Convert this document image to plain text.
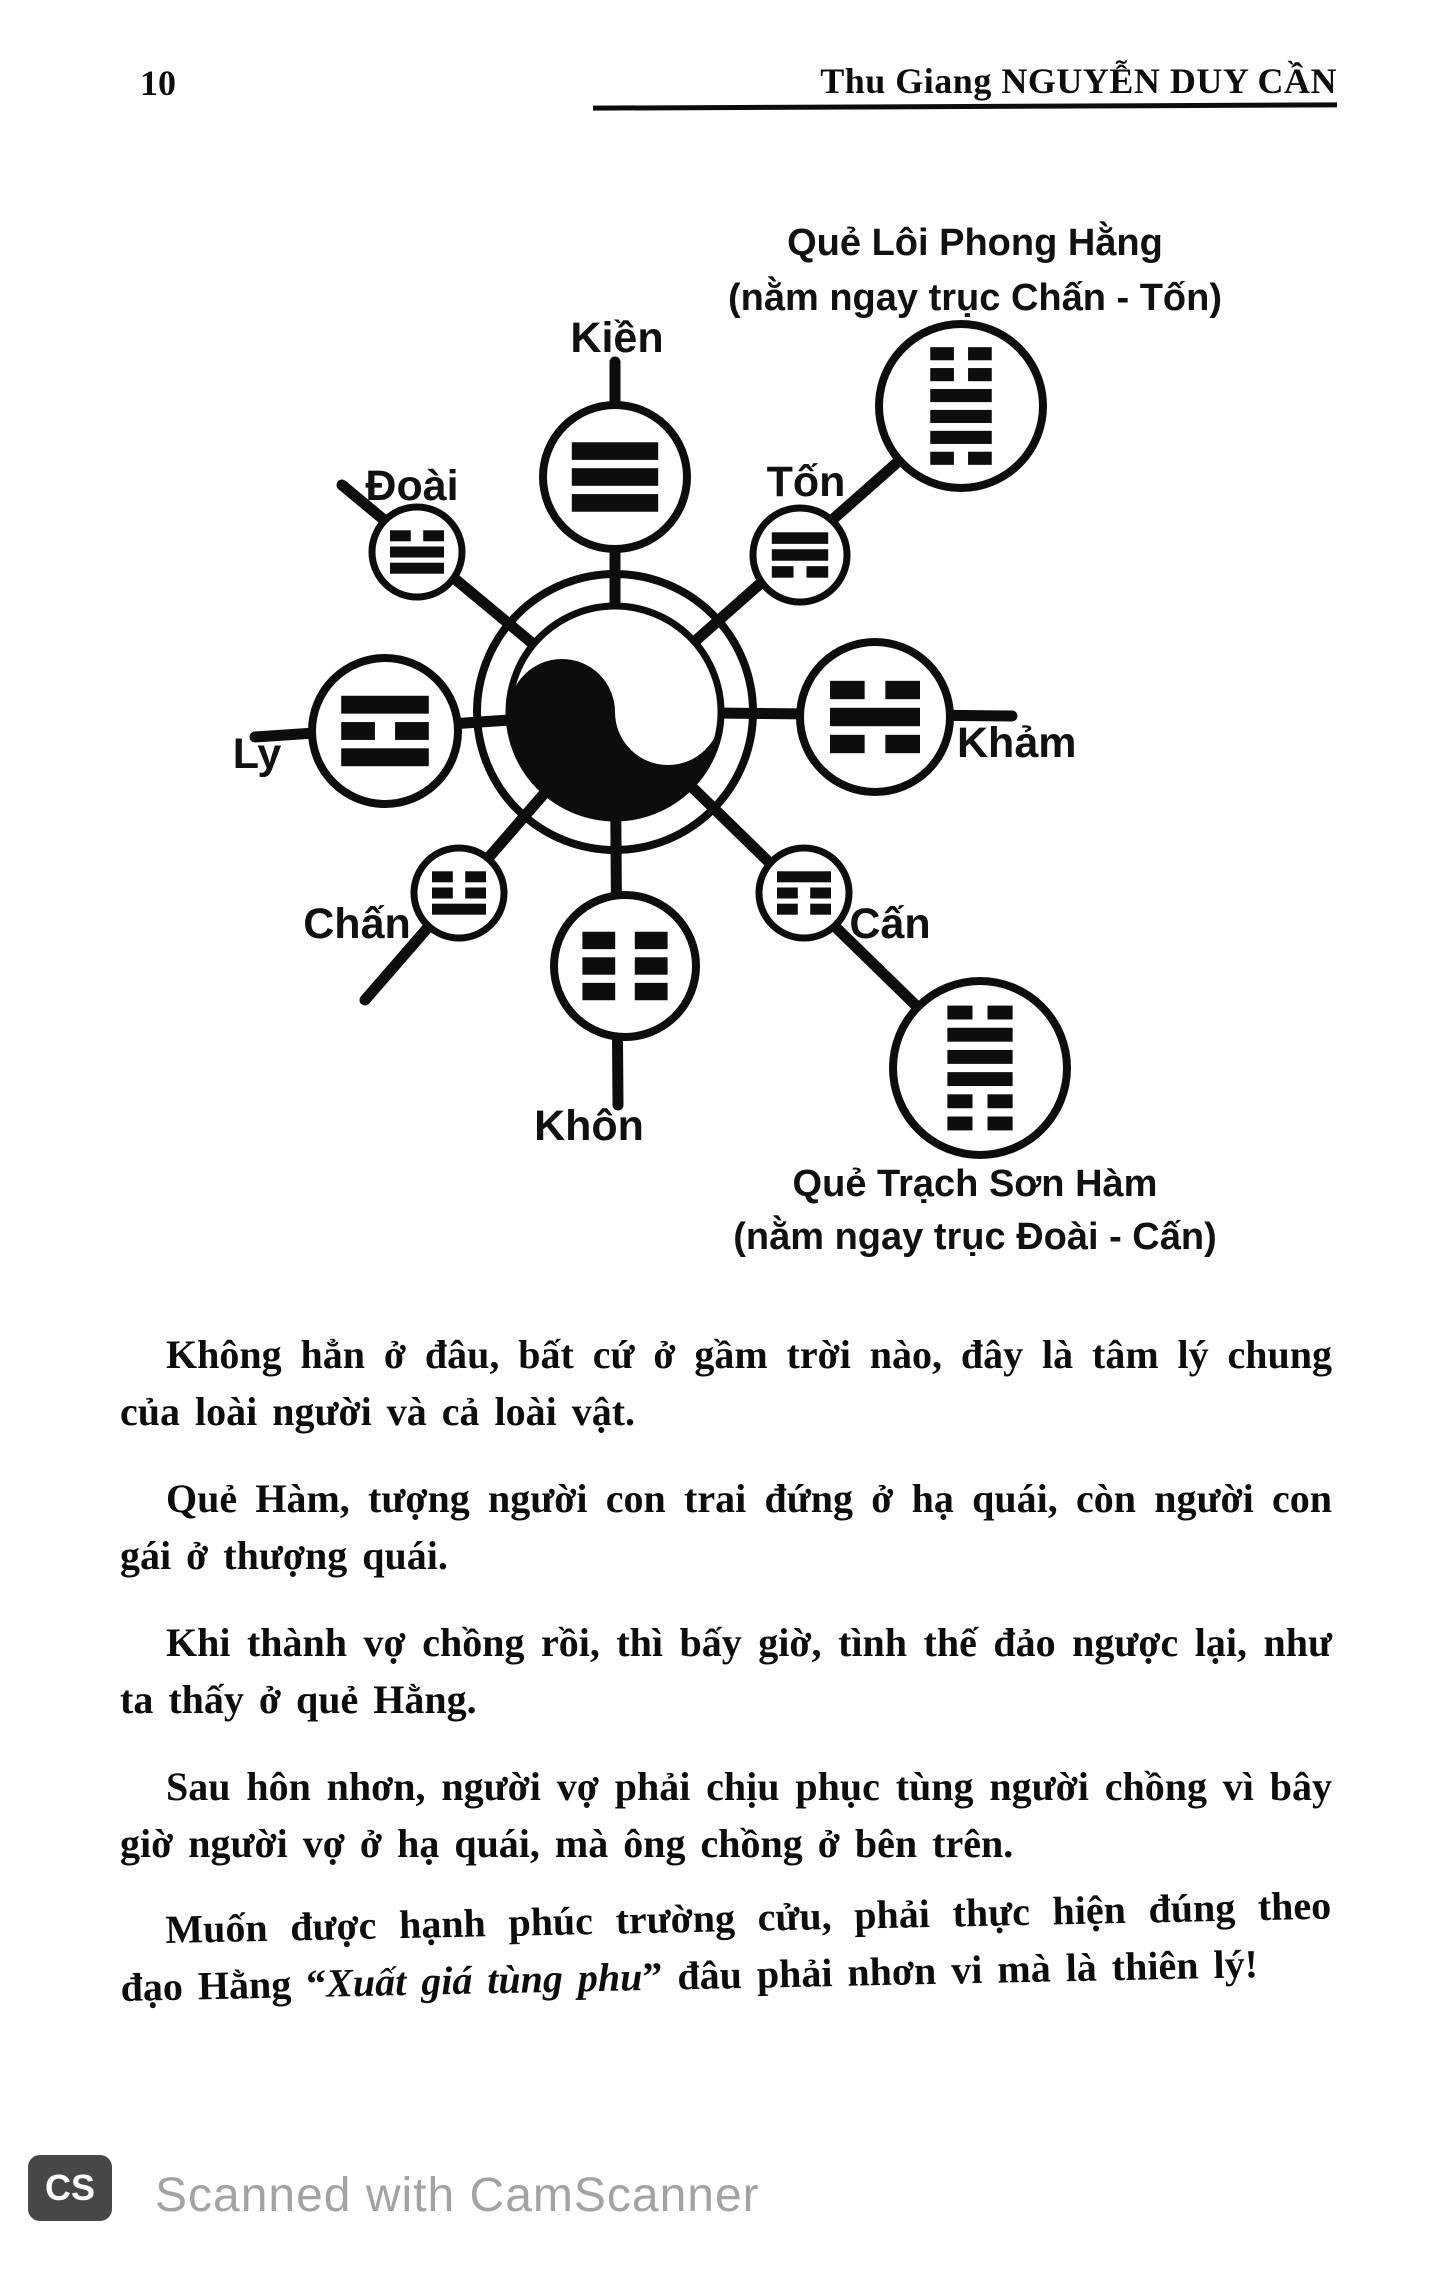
10	Thu Giang NGUYỄN DUY CẦN
Kiền
Đoài	Tốn
Ly	Khảm
Chấn	Cấn
Khôn
Quẻ Lôi Phong Hằng
(nằm ngay trục Chấn - Tốn)
Quẻ Trạch Sơn Hàm
(nằm ngay trục Đoài - Cấn)

Không hẳn ở đâu, bất cứ ở gầm trời nào, đây là tâm lý chung của loài người và cả loài vật.

Quẻ Hàm, tượng người con trai đứng ở hạ quái, còn người con gái ở thượng quái.

Khi thành vợ chồng rồi, thì bấy giờ, tình thế đảo ngược lại, như ta thấy ở quẻ Hằng.

Sau hôn nhơn, người vợ phải chịu phục tùng người chồng vì bây giờ người vợ ở hạ quái, mà ông chồng ở bên trên.

Muốn được hạnh phúc trường cửu, phải thực hiện đúng theo đạo Hằng “Xuất giá tùng phu” đâu phải nhơn vi mà là thiên lý!

CS Scanned with CamScanner
